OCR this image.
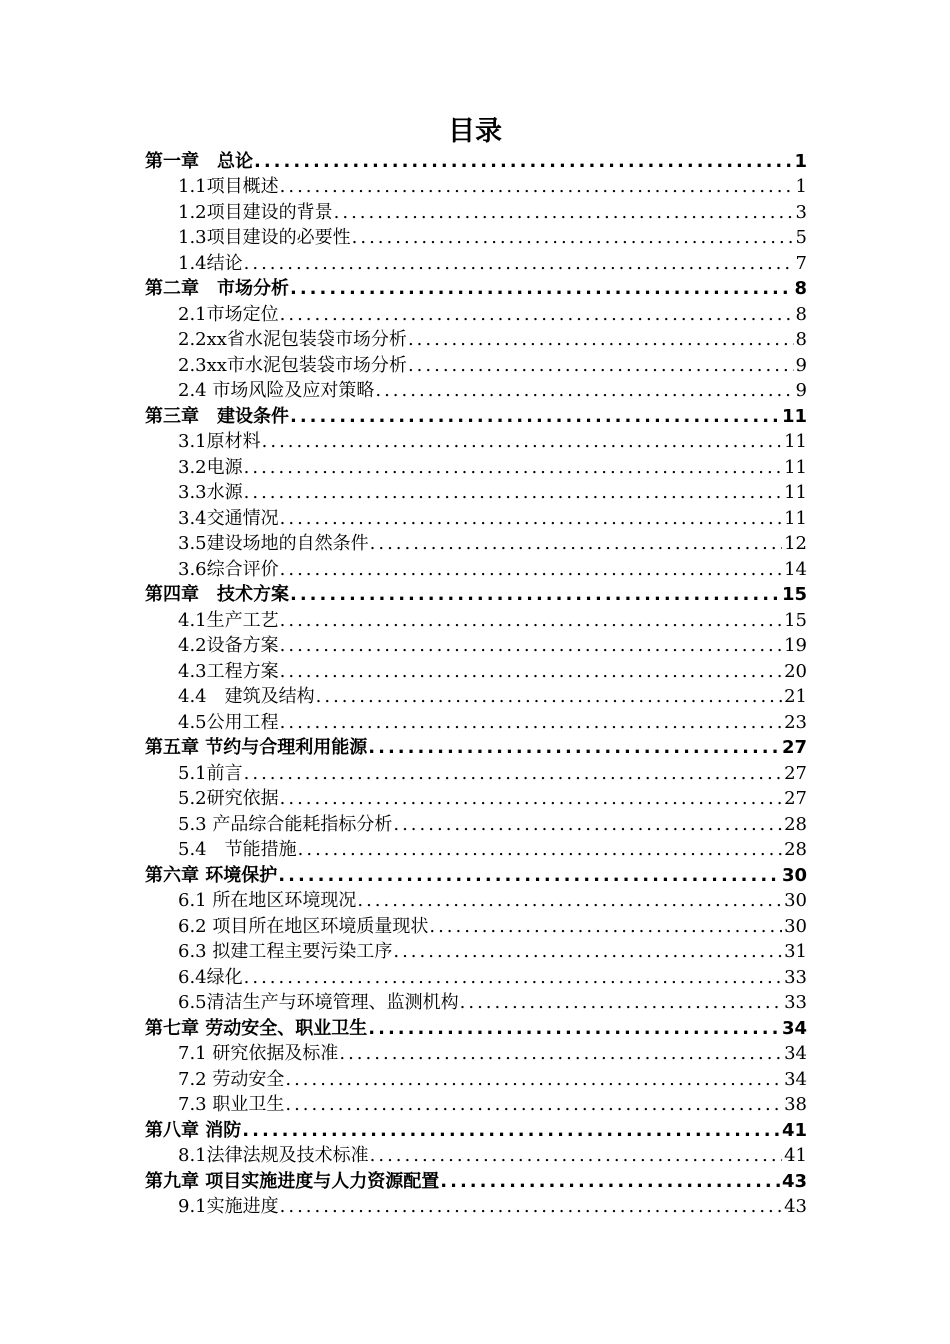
目录
第一章　总论 .....	1
1.1项目概述 .....	1
1.2项目建设的背景 .....	3
1.3项目建设的必要性 .....	5
1.4结论 .....	7
第二章　市场分析 .....	8
2.1市场定位 .....	8
2.2xx省水泥包装袋市场分析 .....	8
2.3xx市水泥包装袋市场分析 .....	9
2.4 市场风险及应对策略 .....	9
第三章　建设条件 .....	11
3.1原材料 .....	11
3.2电源 .....	11
3.3水源 .....	11
3.4交通情况 .....	11
3.5建设场地的自然条件 .....	12
3.6综合评价 .....	14
第四章　技术方案 .....	15
4.1生产工艺 .....	15
4.2设备方案 .....	19
4.3工程方案 .....	20
4.4　建筑及结构 .....	21
4.5公用工程 .....	23
第五章 节约与合理利用能源 .....	27
5.1前言 .....	27
5.2研究依据 .....	27
5.3 产品综合能耗指标分析 .....	28
5.4　节能措施 .....	28
第六章 环境保护 .....	30
6.1 所在地区环境现况 .....	30
6.2 项目所在地区环境质量现状 .....	30
6.3 拟建工程主要污染工序 .....	31
6.4绿化 .....	33
6.5清洁生产与环境管理、监测机构 .....	33
第七章 劳动安全、职业卫生 .....	34
7.1 研究依据及标准 .....	34
7.2 劳动安全 .....	34
7.3 职业卫生 .....	38
第八章 消防 .....	41
8.1法律法规及技术标准 .....	41
第九章 项目实施进度与人力资源配置 .....	43
9.1实施进度 .....	43
